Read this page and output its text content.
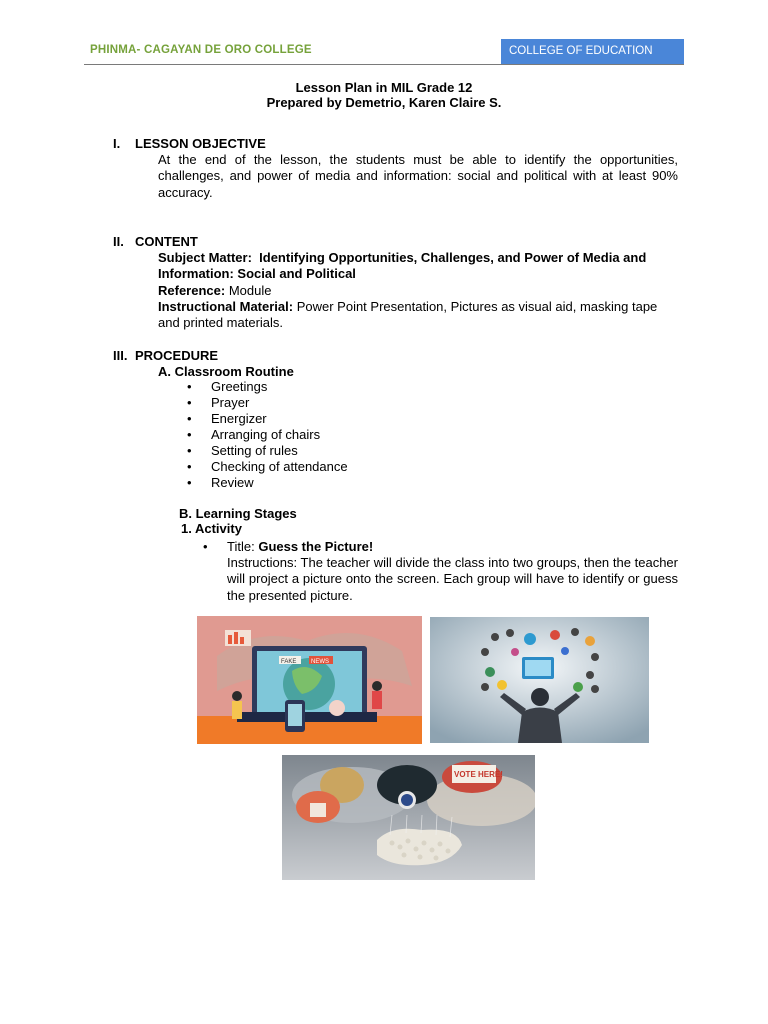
PHINMA- CAGAYAN DE ORO COLLEGE	COLLEGE OF EDUCATION
Lesson Plan in MIL Grade 12
Prepared by Demetrio, Karen Claire S.
I. LESSON OBJECTIVE
At the end of the lesson, the students must be able to identify the opportunities, challenges, and power of media and information: social and political with at least 90% accuracy.
II. CONTENT
Subject Matter: Identifying Opportunities, Challenges, and Power of Media and Information: Social and Political
Reference: Module
Instructional Material: Power Point Presentation, Pictures as visual aid, masking tape and printed materials.
III. PROCEDURE
A. Classroom Routine
• Greetings
• Prayer
• Energizer
• Arranging of chairs
• Setting of rules
• Checking of attendance
• Review
B. Learning Stages
1. Activity
• Title: Guess the Picture!
Instructions: The teacher will divide the class into two groups, then the teacher will project a picture onto the screen. Each group will have to identify or guess the presented picture.
FAKE NEWS
VOTE HERE!
